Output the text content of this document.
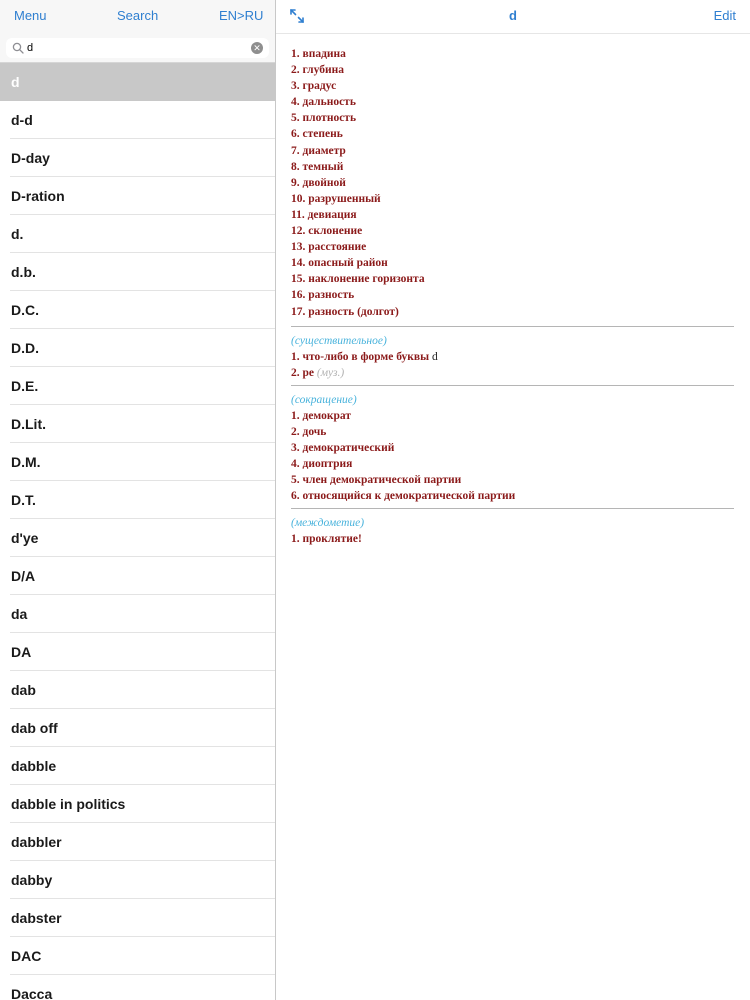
Menu	Search	EN>RU
d
✕
d
d-d
D-day
D-ration
d.
d.b.
D.C.
D.D.
D.E.
D.Lit.
D.M.
D.T.
d'ye
D/A
da
DA
dab
dab off
dabble
dabble in politics
dabbler
dabby
dabster
DAC
Dacca
d	Edit
1. впадина
2. глубина
3. градус
4. дальность
5. плотность
6. степень
7. диаметр
8. темный
9. двойной
10. разрушенный
11. девиация
12. склонение
13. расстояние
14. опасный район
15. наклонение горизонта
16. разность
17. разность (долгот)
(существительное)
1. что-либо в форме буквы d
2. ре (муз.)
(сокращение)
1. демократ
2. дочь
3. демократический
4. диоптрия
5. член демократической партии
6. относящийся к демократической партии
(междометие)
1. проклятие!
